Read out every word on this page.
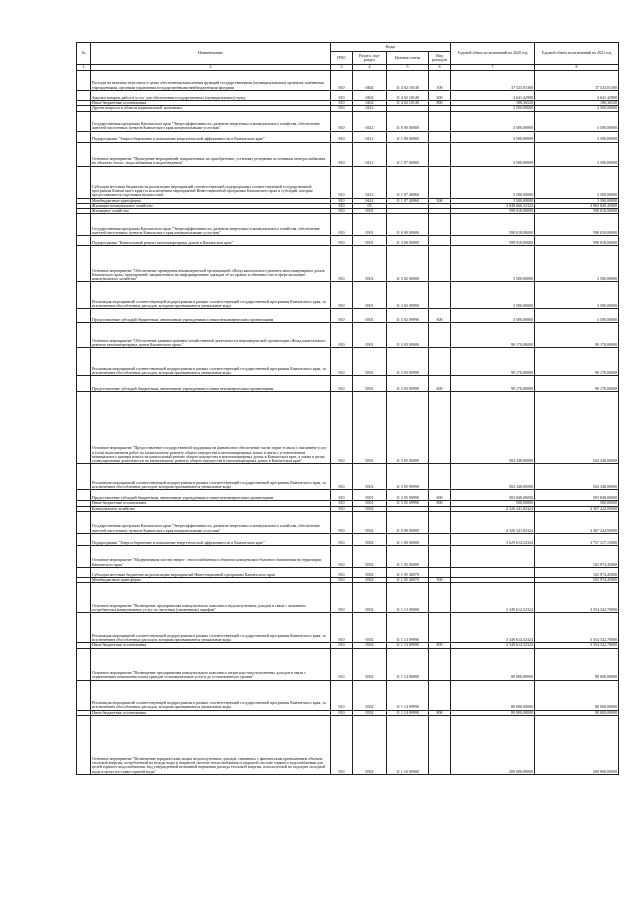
№	Наименование	Коды				Годовой объем ассигнований на 2020 год	Годовой объем ассигнований на 2021 год
		ГРБС	Раздел, под-раздел	Целевая статья	Вид расходов		
1	2	3	4	5	6	7	8
	Расходы на выплаты персоналу в целях обеспечения выполнения функций государственными (муниципальными) органами, казенными учреждениями, органами управления государственными внебюджетными фондами	810	0402	11 4 02 10140	100	37 523,01300	37 523,01300
	Закупка товаров, работ и услуг для обеспечения государственных (муниципальных) нужд	810	0402	11 4 02 10140	200	4 641,42900	4 641,42900
	Иные бюджетные ассигнования	810	0402	11 4 02 10140	800	188,36520	188,36520
	Другие вопросы в области национальной экономики	810	0412			3 500,00000	3 500,00000
	Государственная программа Камчатского края "Энергоэффективность, развитие энергетики и коммунального хозяйства, обеспечение жителей населенных пунктов Камчатского края коммунальными услугами"	810	0412	11 0 00 00000		3 500,00000	3 500,00000
	Подпрограмма "Энергосбережение и повышение энергетической эффективности в Камчатском крае"	810	0412	11 1 00 00000		3 500,00000	3 500,00000
	Основное мероприятие "Проведение мероприятий, направленных на приобретение, установку резервных источников электроснабжения на объектах тепло-, водоснабжения и водоотведения"	810	0412	11 1 07 00000		3 500,00000	3 500,00000
	Субсидии местным бюджетам на реализацию мероприятий соответствующей подпрограммы соответствующей государственной программы Камчатского края (за исключением мероприятий Инвестиционной программы Камчатского края и субсидий, которые предоставляются отдельным ведомостям)	810	0412	11 1 07 40060		3 500,00000	3 500,00000
	Межбюджетные трансферты	810	0412	11 1 07 40060	500	3 500,00000	3 500,00000
	Жилищно-коммунальное хозяйство	810	05			4 948 666,52324	4 982 849,45000
	Жилищное хозяйство	810	0501			598 018,00000	598 018,00000
	Государственная программа Камчатского края "Энергоэффективность, развитие энергетики и коммунального хозяйства, обеспечение жителей населенных пунктов Камчатского края коммунальными услугами"	810	0501	11 0 00 00000		598 018,00000	598 018,00000
	Подпрограмма "Капитальный ремонт многоквартирных домов в Камчатском крае"	810	0501	11 3 00 00000		598 018,00000	598 018,00000
	Основное мероприятие "Обеспечение проведения некоммерческой организацией «Фонд капитального ремонта многоквартирных домов Камчатского края» мероприятий, направленных на информирование граждан об их правах и обязанностях в сфере жилищно-коммунального хозяйства"	810	0501	11 3 02 00000		3 500,00000	3 500,00000
	Реализация мероприятий соответствующей подпрограммы в рамках соответствующей государственной программы Камчатского края, за исключением обособленных расходов, которым присваиваются уникальные коды	810	0501	11 3 02 09990		3 500,00000	3 500,00000
	Предоставление субсидий бюджетным, автономным учреждениям и иным некоммерческим организациям	810	0501	11 3 02 09990	600	3 500,00000	3 500,00000
	Основное мероприятие "Обеспечение административно-хозяйственной деятельности некоммерческой организации «Фонд капитального ремонта многоквартирных домов Камчатского края»"	810	0501	11 3 03 00000		90 170,00000	90 170,00000
	Реализация мероприятий соответствующей подпрограммы в рамках соответствующей государственной программы Камчатского края, за исключением обособленных расходов, которым присваиваются уникальные коды	810	0501	11 3 03 09990		90 170,00000	90 170,00000
	Предоставление субсидий бюджетным, автономным учреждениям и иным некоммерческим организациям	810	0501	11 3 03 09990	600	90 170,00000	90 170,00000
	Основное мероприятие "Предоставление государственной поддержки на финансовое обеспечение части затрат в связи с оказанием услуг и (или) выполнением работ по капитальному ремонту общего имущества в многоквартирных домах в связи с установлением минимального размера взноса на капитальный ремонт общего имущества в многоквартирных домах в Камчатском крае, а также в целях стимулирования деятельности по капитальному ремонту общего имущества в многоквартирных домах в Камчатском крае"	810	0501	11 3 05 00000		504 348,00000	504 348,00000
	Реализация мероприятий соответствующей подпрограммы в рамках соответствующей государственной программы Камчатского края, за исключением обособленных расходов, которым присваиваются уникальные коды	810	0501	11 3 05 09990		504 348,00000	504 348,00000
	Предоставление субсидий бюджетным, автономным учреждениям и иным некоммерческим организациям	810	0501	11 3 05 09990	600	503 848,00000	503 848,00000
	Иные бюджетные ассигнования	810	0501	11 3 05 09990	800	500,00000	500,00000
	Коммунальное хозяйство	810	0502			4 326 341,82324	4 367 224,95000
	Государственная программа Камчатского края "Энергоэффективность, развитие энергетики и коммунального хозяйства, обеспечение жителей населенных пунктов Камчатского края коммунальными услугами"	810	0502	11 0 00 00000		4 326 341,82324	4 367 224,95000
	Подпрограмма "Энергосбережение и повышение энергетической эффективности в Камчатском крае"	810	0502	11 1 00 00000		3 629 614,52324	3 737 317,15000
	Основное мероприятие "Модернизация систем энерго-, теплоснабжения и объектов коммунально-бытового назначения на территории Камчатского края"	810	0502	11 1 05 00000			102 974,45000
	Субсидии местным бюджетам на реализацию мероприятий Инвестиционной программы Камчатского края	810	0502	11 1 05 40070			102 974,45000
	Межбюджетные трансферты	810	0502	11 1 05 40070	500		102 974,45000
	Основное мероприятие "Возмещение предприятиям коммунального комплекса недополученных доходов в связи с оказанием потребителям коммунальных услуг по льготным (сниженным) тарифам"	810	0502	11 1 13 00000		3 349 614,52324	3 354 342,70000
	Реализация мероприятий соответствующей подпрограммы в рамках соответствующей государственной программы Камчатского края, за исключением обособленных расходов, которым присваиваются уникальные коды	810	0502	11 1 13 09990		3 349 614,52324	3 354 342,70000
	Иные бюджетные ассигнования	810	0502	11 1 13 09990	800	3 349 614,52324	3 354 342,70000
	Основное мероприятие "Возмещение предприятиям коммунального комплекса затрат или недополученных доходов в связи с ограничением повышения платы граждан за коммунальные услуги до установленного уровня"	810	0502	11 1 14 00000		80 000,00000	80 000,00000
	Реализация мероприятий соответствующей подпрограммы в рамках соответствующей государственной программы Камчатского края, за исключением обособленных расходов, которым присваиваются уникальные коды	810	0502	11 1 14 09990		80 000,00000	80 000,00000
	Иные бюджетные ассигнования	810	0502	11 1 14 09990	800	80 000,00000	80 000,00000
	Основное мероприятие "Возмещение юридическим лицам недополученных доходов, связанных с фактическим превышением объемов тепловой энергии, потребленной на нужды воды в открытой системе теплоснабжения и закрытой системе горячего водоснабжения для целей горячего водоснабжения, над утвержденной величиной норматива расхода тепловой энергии, используемой на подогрев холодной воды в целях поставки горячей воды"	810	0502	11 1 16 00000		200 000,00000	200 000,00000
